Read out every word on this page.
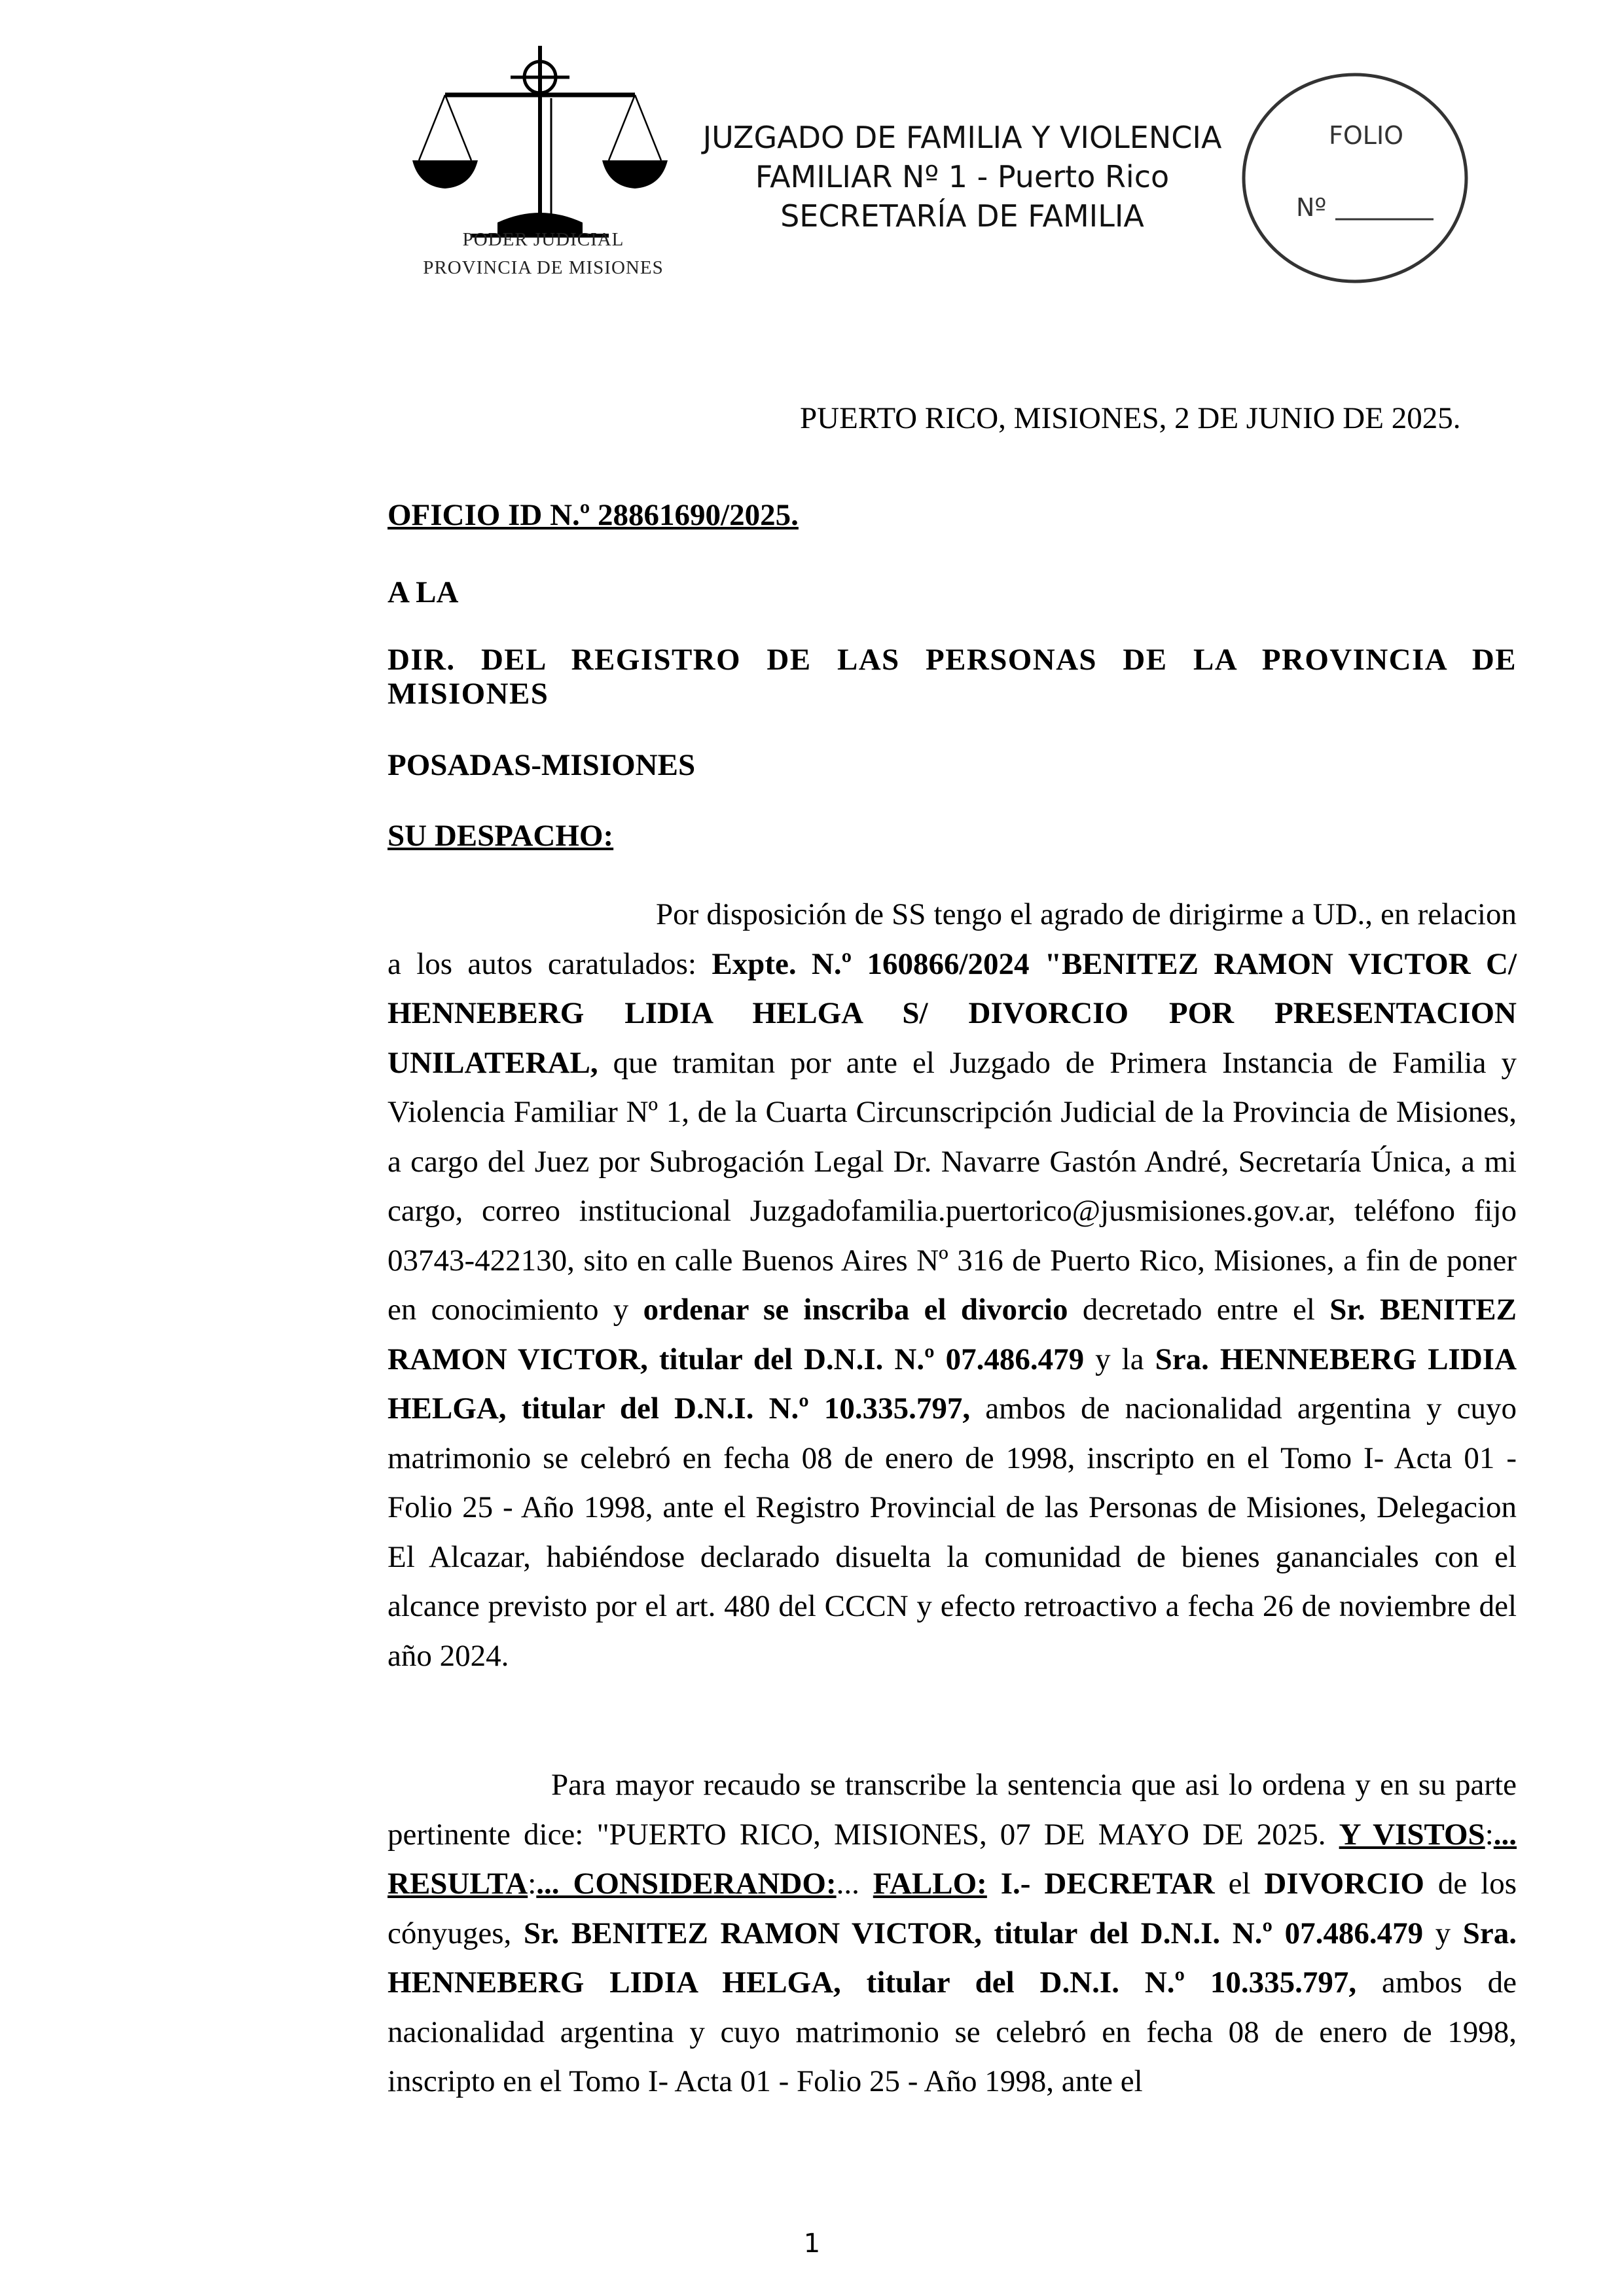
PODER JUDICIAL
PROVINCIA DE MISIONES
JUZGADO DE FAMILIA Y VIOLENCIA
FAMILIAR Nº 1 - Puerto Rico
SECRETARÍA DE FAMILIA
FOLIO
Nº
PUERTO RICO, MISIONES, 2 DE JUNIO DE 2025.
OFICIO ID N.º 28861690/2025.
A LA
DIR. DEL REGISTRO DE LAS PERSONAS DE LA PROVINCIA DE MISIONES
POSADAS-MISIONES
SU DESPACHO:
Por disposición de SS tengo el agrado de dirigirme a UD., en relacion a los autos caratulados: Expte. N.º 160866/2024 "BENITEZ RAMON VICTOR C/ HENNEBERG LIDIA HELGA S/ DIVORCIO POR PRESENTACION UNILATERAL, que tramitan por ante el Juzgado de Primera Instancia de Familia y Violencia Familiar Nº 1, de la Cuarta Circunscripción Judicial de la Provincia de Misiones, a cargo del Juez por Subrogación Legal Dr. Navarre Gastón André, Secretaría Única, a mi cargo, correo institucional Juzgadofamilia.puertorico@jusmisiones.gov.ar, teléfono fijo 03743-422130, sito en calle Buenos Aires Nº 316 de Puerto Rico, Misiones, a fin de poner en conocimiento y ordenar se inscriba el divorcio decretado entre el Sr. BENITEZ RAMON VICTOR, titular del D.N.I. N.º 07.486.479 y la Sra. HENNEBERG LIDIA HELGA, titular del D.N.I. N.º 10.335.797, ambos de nacionalidad argentina y cuyo matrimonio se celebró en fecha 08 de enero de 1998, inscripto en el Tomo I- Acta 01 - Folio 25 - Año 1998, ante el Registro Provincial de las Personas de Misiones, Delegacion El Alcazar, habiéndose declarado disuelta la comunidad de bienes gananciales con el alcance previsto por el art. 480 del CCCN y efecto retroactivo a fecha 26 de noviembre del año 2024.
Para mayor recaudo se transcribe la sentencia que asi lo ordena y en su parte pertinente dice: "PUERTO RICO, MISIONES, 07 DE MAYO DE 2025. Y VISTOS:... RESULTA:... CONSIDERANDO:... FALLO: I.- DECRETAR el DIVORCIO de los cónyuges, Sr. BENITEZ RAMON VICTOR, titular del D.N.I. N.º 07.486.479 y Sra. HENNEBERG LIDIA HELGA, titular del D.N.I. N.º 10.335.797, ambos de nacionalidad argentina y cuyo matrimonio se celebró en fecha 08 de enero de 1998, inscripto en el Tomo I- Acta 01 - Folio 25 - Año 1998, ante el
1
